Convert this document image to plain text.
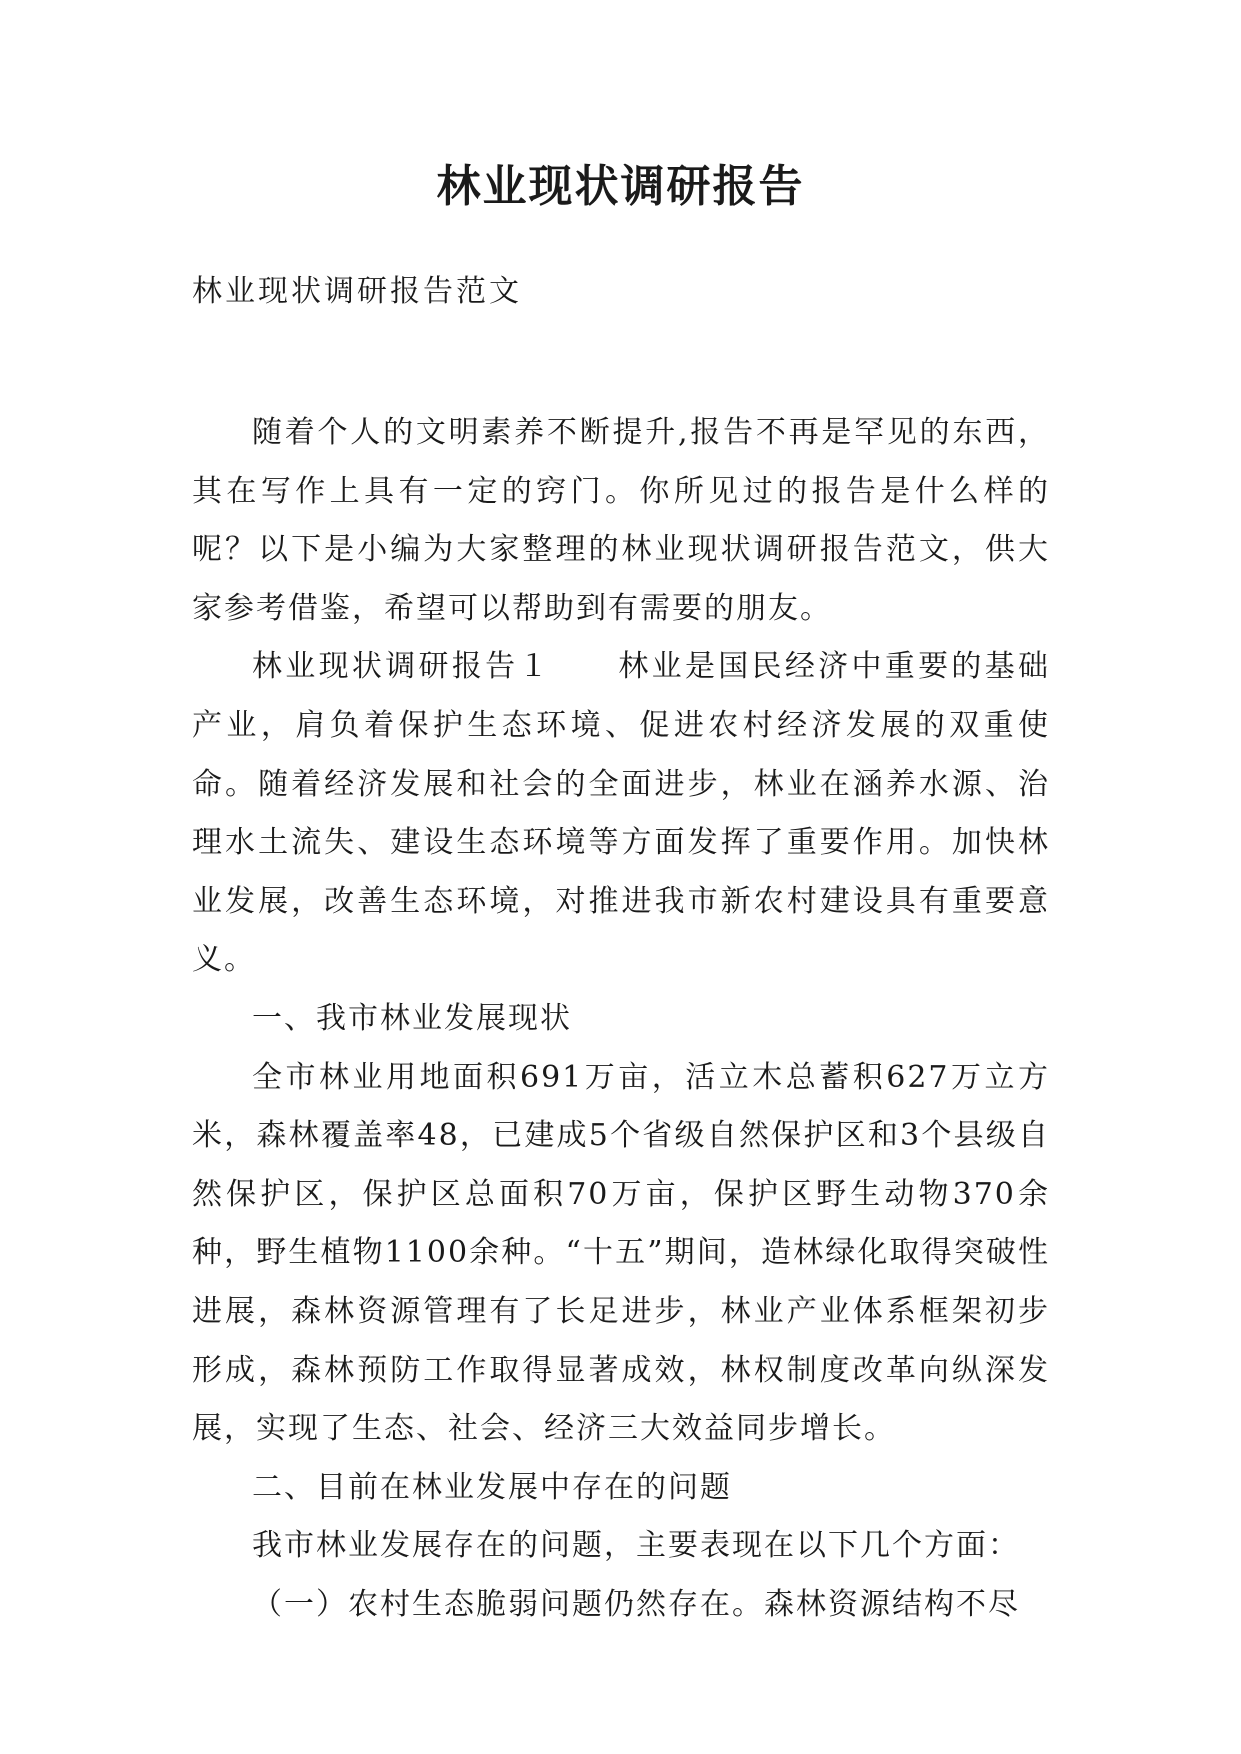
林业现状调研报告
林业现状调研报告范文

随着个人的文明素养不断提升,报告不再是罕见的东西，其在写作上具有一定的窍门。你所见过的报告是什么样的呢？以下是小编为大家整理的林业现状调研报告范文，供大家参考借鉴，希望可以帮助到有需要的朋友。

林业现状调研报告１　　林业是国民经济中重要的基础产业，肩负着保护生态环境、促进农村经济发展的双重使命。随着经济发展和社会的全面进步，林业在涵养水源、治理水土流失、建设生态环境等方面发挥了重要作用。加快林业发展，改善生态环境，对推进我市新农村建设具有重要意义。

一、我市林业发展现状

全市林业用地面积691万亩，活立木总蓄积627万立方米，森林覆盖率48，已建成5个省级自然保护区和3个县级自然保护区，保护区总面积70万亩，保护区野生动物370余种，野生植物1100余种。“十五”期间，造林绿化取得突破性进展，森林资源管理有了长足进步，林业产业体系框架初步形成，森林预防工作取得显著成效，林权制度改革向纵深发展，实现了生态、社会、经济三大效益同步增长。

二、目前在林业发展中存在的问题

我市林业发展存在的问题，主要表现在以下几个方面：

（一）农村生态脆弱问题仍然存在。森林资源结构不尽
